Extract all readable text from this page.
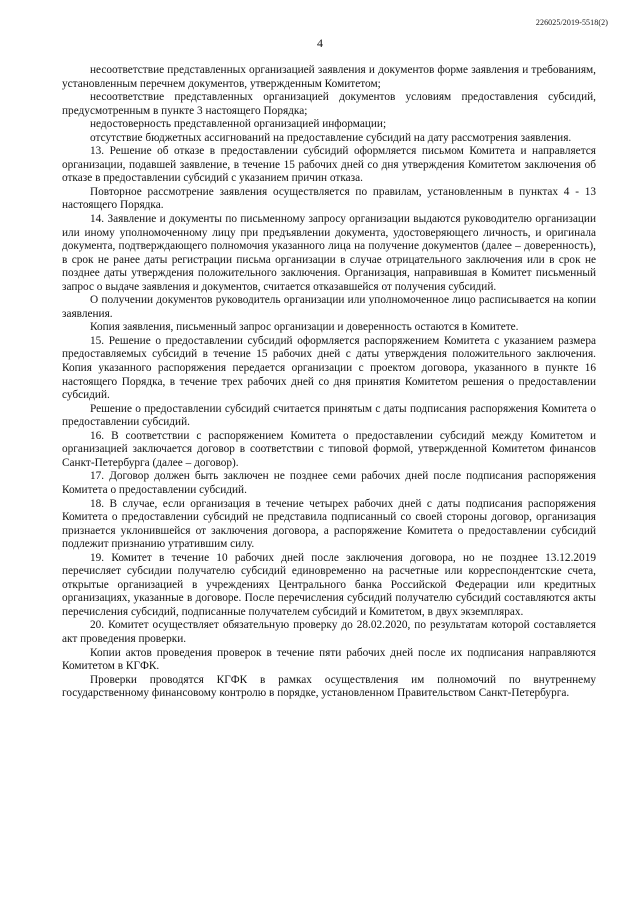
226025/2019-5518(2)
4

несоответствие представленных организацией заявления и документов форме заявления и требованиям, установленным перечнем документов, утвержденным Комитетом;

несоответствие представленных организацией документов условиям предоставления субсидий, предусмотренным в пункте 3 настоящего Порядка;

недостоверность представленной организацией информации;

отсутствие бюджетных ассигнований на предоставление субсидий на дату рассмотрения заявления.

13. Решение об отказе в предоставлении субсидий оформляется письмом Комитета и направляется организации, подавшей заявление, в течение 15 рабочих дней со дня утверждения Комитетом заключения об отказе в предоставлении субсидий с указанием причин отказа.

Повторное рассмотрение заявления осуществляется по правилам, установленным в пунктах 4 - 13 настоящего Порядка.

14. Заявление и документы по письменному запросу организации выдаются руководителю организации или иному уполномоченному лицу при предъявлении документа, удостоверяющего личность, и оригинала документа, подтверждающего полномочия указанного лица на получение документов (далее – доверенность), в срок не ранее даты регистрации письма организации в случае отрицательного заключения или в срок не позднее даты утверждения положительного заключения. Организация, направившая в Комитет письменный запрос о выдаче заявления и документов, считается отказавшейся от получения субсидий.

О получении документов руководитель организации или уполномоченное лицо расписывается на копии заявления.

Копия заявления, письменный запрос организации и доверенность остаются в Комитете.

15. Решение о предоставлении субсидий оформляется распоряжением Комитета с указанием размера предоставляемых субсидий в течение 15 рабочих дней с даты утверждения положительного заключения. Копия указанного распоряжения передается организации с проектом договора, указанного в пункте 16 настоящего Порядка, в течение трех рабочих дней со дня принятия Комитетом решения о предоставлении субсидий.

Решение о предоставлении субсидий считается принятым с даты подписания распоряжения Комитета о предоставлении субсидий.

16. В соответствии с распоряжением Комитета о предоставлении субсидий между Комитетом и организацией заключается договор в соответствии с типовой формой, утвержденной Комитетом финансов Санкт-Петербурга (далее – договор).

17. Договор должен быть заключен не позднее семи рабочих дней после подписания распоряжения Комитета о предоставлении субсидий.

18. В случае, если организация в течение четырех рабочих дней с даты подписания распоряжения Комитета о предоставлении субсидий не представила подписанный со своей стороны договор, организация признается уклонившейся от заключения договора, а распоряжение Комитета о предоставлении субсидий подлежит признанию утратившим силу.

19. Комитет в течение 10 рабочих дней после заключения договора, но не позднее 13.12.2019 перечисляет субсидии получателю субсидий единовременно на расчетные или корреспондентские счета, открытые организацией в учреждениях Центрального банка Российской Федерации или кредитных организациях, указанные в договоре. После перечисления субсидий получателю субсидий составляются акты перечисления субсидий, подписанные получателем субсидий и Комитетом, в двух экземплярах.

20. Комитет осуществляет обязательную проверку до 28.02.2020, по результатам которой составляется акт проведения проверки.

Копии актов проведения проверок в течение пяти рабочих дней после их подписания направляются Комитетом в КГФК.

Проверки проводятся КГФК в рамках осуществления им полномочий по внутреннему государственному финансовому контролю в порядке, установленном Правительством Санкт-Петербурга.
